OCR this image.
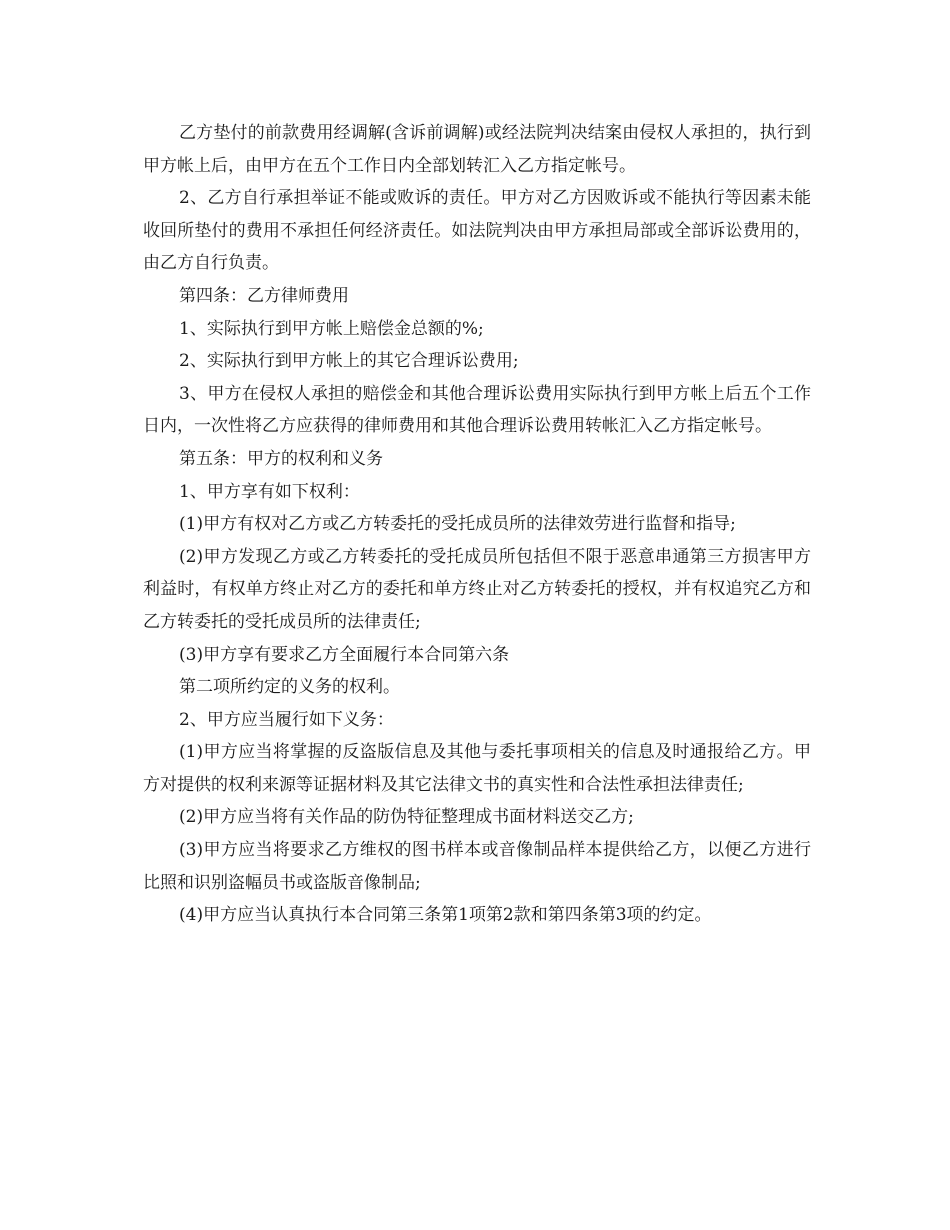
乙方垫付的前款费用经调解(含诉前调解)或经法院判决结案由侵权人承担的，执行到甲方帐上后，由甲方在五个工作日内全部划转汇入乙方指定帐号。

2、乙方自行承担举证不能或败诉的责任。甲方对乙方因败诉或不能执行等因素未能收回所垫付的费用不承担任何经济责任。如法院判决由甲方承担局部或全部诉讼费用的，由乙方自行负责。

第四条：乙方律师费用

1、实际执行到甲方帐上赔偿金总额的%;

2、实际执行到甲方帐上的其它合理诉讼费用;

3、甲方在侵权人承担的赔偿金和其他合理诉讼费用实际执行到甲方帐上后五个工作日内，一次性将乙方应获得的律师费用和其他合理诉讼费用转帐汇入乙方指定帐号。

第五条：甲方的权利和义务

1、甲方享有如下权利：

(1)甲方有权对乙方或乙方转委托的受托成员所的法律效劳进行监督和指导;

(2)甲方发现乙方或乙方转委托的受托成员所包括但不限于恶意串通第三方损害甲方利益时，有权单方终止对乙方的委托和单方终止对乙方转委托的授权，并有权追究乙方和乙方转委托的受托成员所的法律责任;

(3)甲方享有要求乙方全面履行本合同第六条

第二项所约定的义务的权利。

2、甲方应当履行如下义务：

(1)甲方应当将掌握的反盗版信息及其他与委托事项相关的信息及时通报给乙方。甲方对提供的权利来源等证据材料及其它法律文书的真实性和合法性承担法律责任;

(2)甲方应当将有关作品的防伪特征整理成书面材料送交乙方;

(3)甲方应当将要求乙方维权的图书样本或音像制品样本提供给乙方，以便乙方进行比照和识别盗幅员书或盗版音像制品;

(4)甲方应当认真执行本合同第三条第1项第2款和第四条第3项的约定。
